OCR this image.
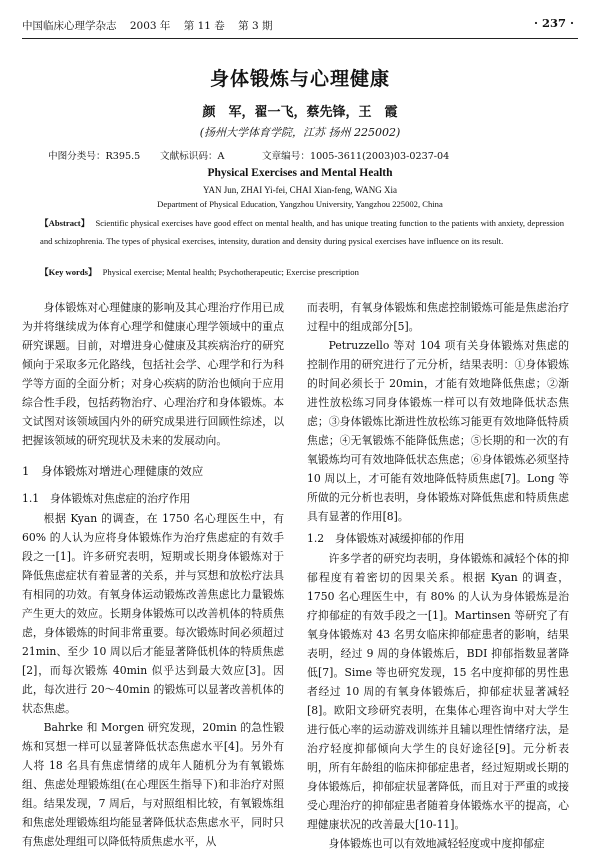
中国临床心理学杂志 2003 年 第 11 卷 第 3 期	· 237 ·
身体锻炼与心理健康
颜　军，翟一飞，蔡先锋，王　霞
(扬州大学体育学院，江苏 扬州 225002)
中图分类号：R395.5 文献标识码：A	文章编号：1005-3611(2003)03-0237-04
Physical Exercises and Mental Health
YAN Jun, ZHAI Yi-fei, CHAI Xian-feng, WANG Xia
Department of Physical Education, Yangzhou University, Yangzhou 225002, China
【Abstract】 Scientific physical exercises have good effect on mental health, and has unique treating function to the patients with anxiety, depression and schizophrenia. The types of physical exercises, intensity, duration and density during pysical exercises have influence on its result.
【Key words】 Physical exercise; Mental health; Psychotherapeutic; Exercise prescription

身体锻炼对心理健康的影响及其心理治疗作用已成为并将继续成为体育心理学和健康心理学领域中的重点研究课题。目前，对增进身心健康及其疾病治疗的研究倾向于采取多元化路线，包括社会学、心理学和行为科学等方面的全面分析；对身心疾病的防治也倾向于应用综合性手段，包括药物治疗、心理治疗和身体锻炼。本文试图对该领域国内外的研究成果进行回顾性综述，以把握该领域的研究现状及未来的发展动向。

1　身体锻炼对增进心理健康的效应
1.1　身体锻炼对焦虑症的治疗作用

根据 Kyan 的调查，在 1750 名心理医生中，有 60% 的人认为应将身体锻炼作为治疗焦虑症的有效手段之一[1]。许多研究表明，短期或长期身体锻炼对于降低焦虑症状有着显著的关系，并与冥想和放松疗法具有相同的功效。有氧身体运动锻炼改善焦虑比力量锻炼产生更大的效应。长期身体锻炼可以改善机体的特质焦虑，身体锻炼的时间非常重要。每次锻炼时间必须超过 21min、至少 10 周以后才能显著降低机体的特质焦虑[2]，而每次锻炼 40min 似乎达到最大效应[3]。因此，每次进行 20～40min 的锻炼可以显著改善机体的状态焦虑。

Bahrke 和 Morgen 研究发现，20min 的急性锻炼和冥想一样可以显著降低状态焦虑水平[4]。另外有人将 18 名具有焦虑情绪的成年人随机分为有氧锻炼组、焦虑处理锻炼组(在心理医生指导下)和非治疗对照组。结果发现，7 周后，与对照组相比较，有氧锻炼组和焦虑处理锻炼组均能显著降低状态焦虑水平，同时只有焦虑处理组可以降低特质焦虑水平，从

而表明，有氧身体锻炼和焦虑控制锻炼可能是焦虑治疗过程中的组成部分[5]。

Petruzzello 等对 104 项有关身体锻炼对焦虑的控制作用的研究进行了元分析，结果表明：①身体锻炼的时间必须长于 20min，才能有效地降低焦虑；②渐进性放松练习同身体锻炼一样可以有效地降低状态焦虑；③身体锻炼比渐进性放松练习能更有效地降低特质焦虑；④无氧锻炼不能降低焦虑；⑤长期的和一次的有氧锻炼均可有效地降低状态焦虑；⑥身体锻炼必须坚持 10 周以上，才可能有效地降低特质焦虑[7]。Long 等所做的元分析也表明，身体锻炼对降低焦虑和特质焦虑具有显著的作用[8]。

1.2　身体锻炼对减缓抑郁的作用

许多学者的研究均表明，身体锻炼和减轻个体的抑郁程度有着密切的因果关系。根据 Kyan 的调查，1750 名心理医生中，有 80% 的人认为身体锻炼是治疗抑郁症的有效手段之一[1]。Martinsen 等研究了有氧身体锻炼对 43 名男女临床抑郁症患者的影响，结果表明，经过 9 周的身体锻炼后，BDI 抑郁指数显著降低[7]。Sime 等也研究发现，15 名中度抑郁的男性患者经过 10 周的有氧身体锻炼后，抑郁症状显著减轻[8]。欧阳文珍研究表明，在集体心理咨询中对大学生进行低心率的运动游戏训练并且辅以理性情绪疗法，是治疗轻度抑郁倾向大学生的良好途径[9]。元分析表明，所有年龄组的临床抑郁症患者，经过短期或长期的身体锻炼后，抑郁症状显著降低，而且对于严重的或接受心理治疗的抑郁症患者随着身体锻炼水平的提高，心理健康状况的改善最大[10-11]。

身体锻炼也可以有效地减轻轻度或中度抑郁症
